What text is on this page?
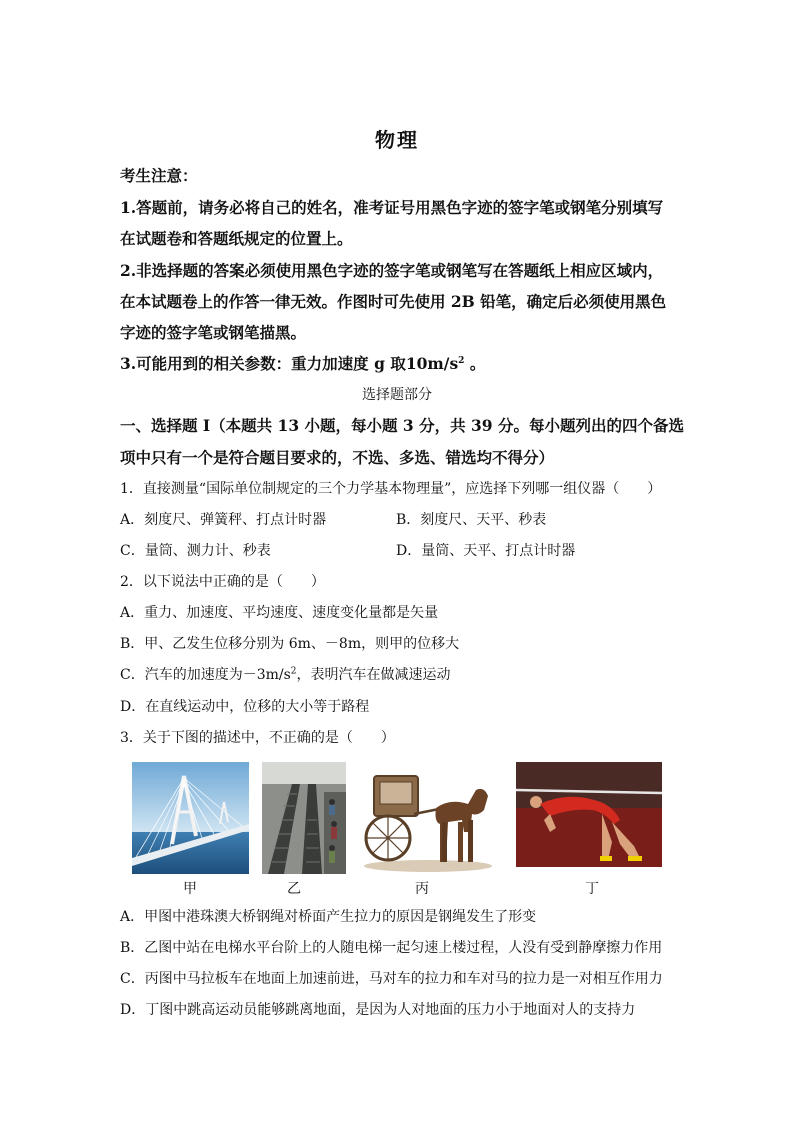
物理
考生注意：
1.答题前，请务必将自己的姓名，准考证号用黑色字迹的签字笔或钢笔分别填写
在试题卷和答题纸规定的位置上。
2.非选择题的答案必须使用黑色字迹的签字笔或钢笔写在答题纸上相应区域内，
在本试题卷上的作答一律无效。作图时可先使用 2B 铅笔，确定后必须使用黑色
字迹的签字笔或钢笔描黑。
3.可能用到的相关参数：重力加速度 g 取$10m/s^2$ 。
选择题部分
一、选择题 I（本题共 13 小题，每小题 3 分，共 39 分。每小题列出的四个备选
项中只有一个是符合题目要求的，不选、多选、错选均不得分）
1．直接测量“国际单位制规定的三个力学基本物理量”，应选择下列哪一组仪器（　　）
A．刻度尺、弹簧秤、打点计时器	B．刻度尺、天平、秒表
C．量筒、测力计、秒表	D．量筒、天平、打点计时器
2．以下说法中正确的是（　　）
A．重力、加速度、平均速度、速度变化量都是矢量
B．甲、乙发生位移分别为 6m、－8m，则甲的位移大
C．汽车的加速度为$-3m/s^2$，表明汽车在做减速运动
D．在直线运动中，位移的大小等于路程
3．关于下图的描述中，不正确的是（　　）
甲	乙	丙	丁
A．甲图中港珠澳大桥钢绳对桥面产生拉力的原因是钢绳发生了形变
B．乙图中站在电梯水平台阶上的人随电梯一起匀速上楼过程，人没有受到静摩擦力作用
C．丙图中马拉板车在地面上加速前进，马对车的拉力和车对马的拉力是一对相互作用力
D．丁图中跳高运动员能够跳离地面，是因为人对地面的压力小于地面对人的支持力
